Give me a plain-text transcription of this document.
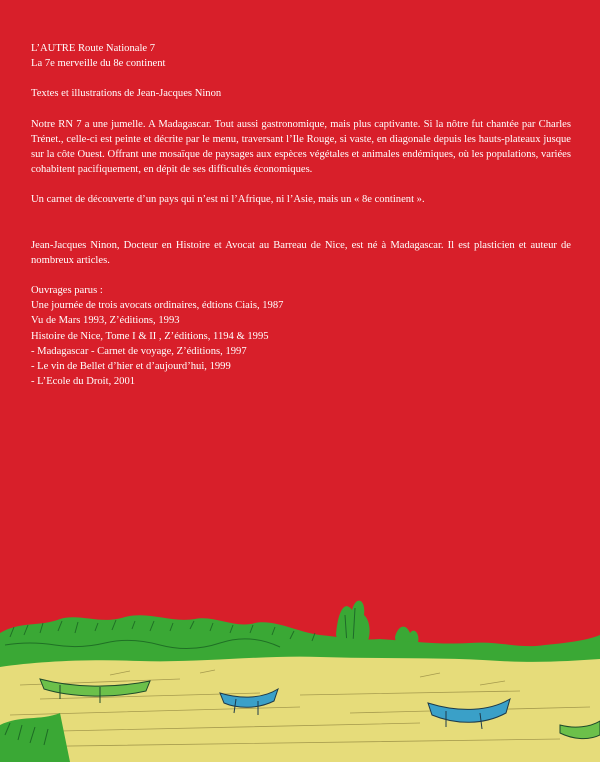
L’AUTRE Route Nationale 7

La 7e merveille du 8e continent

Textes et illustrations de Jean-Jacques Ninon

Notre RN 7 a une jumelle. A Madagascar. Tout aussi gastronomique, mais plus captivante. Si la nôtre fut chantée par Charles Trénet., celle-ci est peinte et décrite par le menu, traversant l’Ile Rouge, si vaste, en diagonale depuis les hauts-plateaux jusque sur la côte Ouest. Offrant une mosaïque de paysages aux espèces végétales et animales endémiques, où les populations, variées cohabitent pacifiquement, en dépit de ses difficultés économiques.

Un carnet de découverte d’un pays qui n’est ni l’Afrique, ni l’Asie, mais un « 8e continent ».

Jean-Jacques Ninon, Docteur en Histoire et Avocat au Barreau de Nice, est né à Madagascar. Il est plasticien et auteur de nombreux articles.

Ouvrages parus :

Une journée de trois avocats ordinaires, édtions Ciais, 1987

Vu de Mars 1993, Z’éditions, 1993

Histoire de Nice, Tome I & II , Z’éditions, 1194 & 1995

- Madagascar - Carnet de voyage, Z’éditions, 1997

- Le vin de Bellet d’hier et d’aujourd’hui, 1999

- L’Ecole du Droit, 2001
